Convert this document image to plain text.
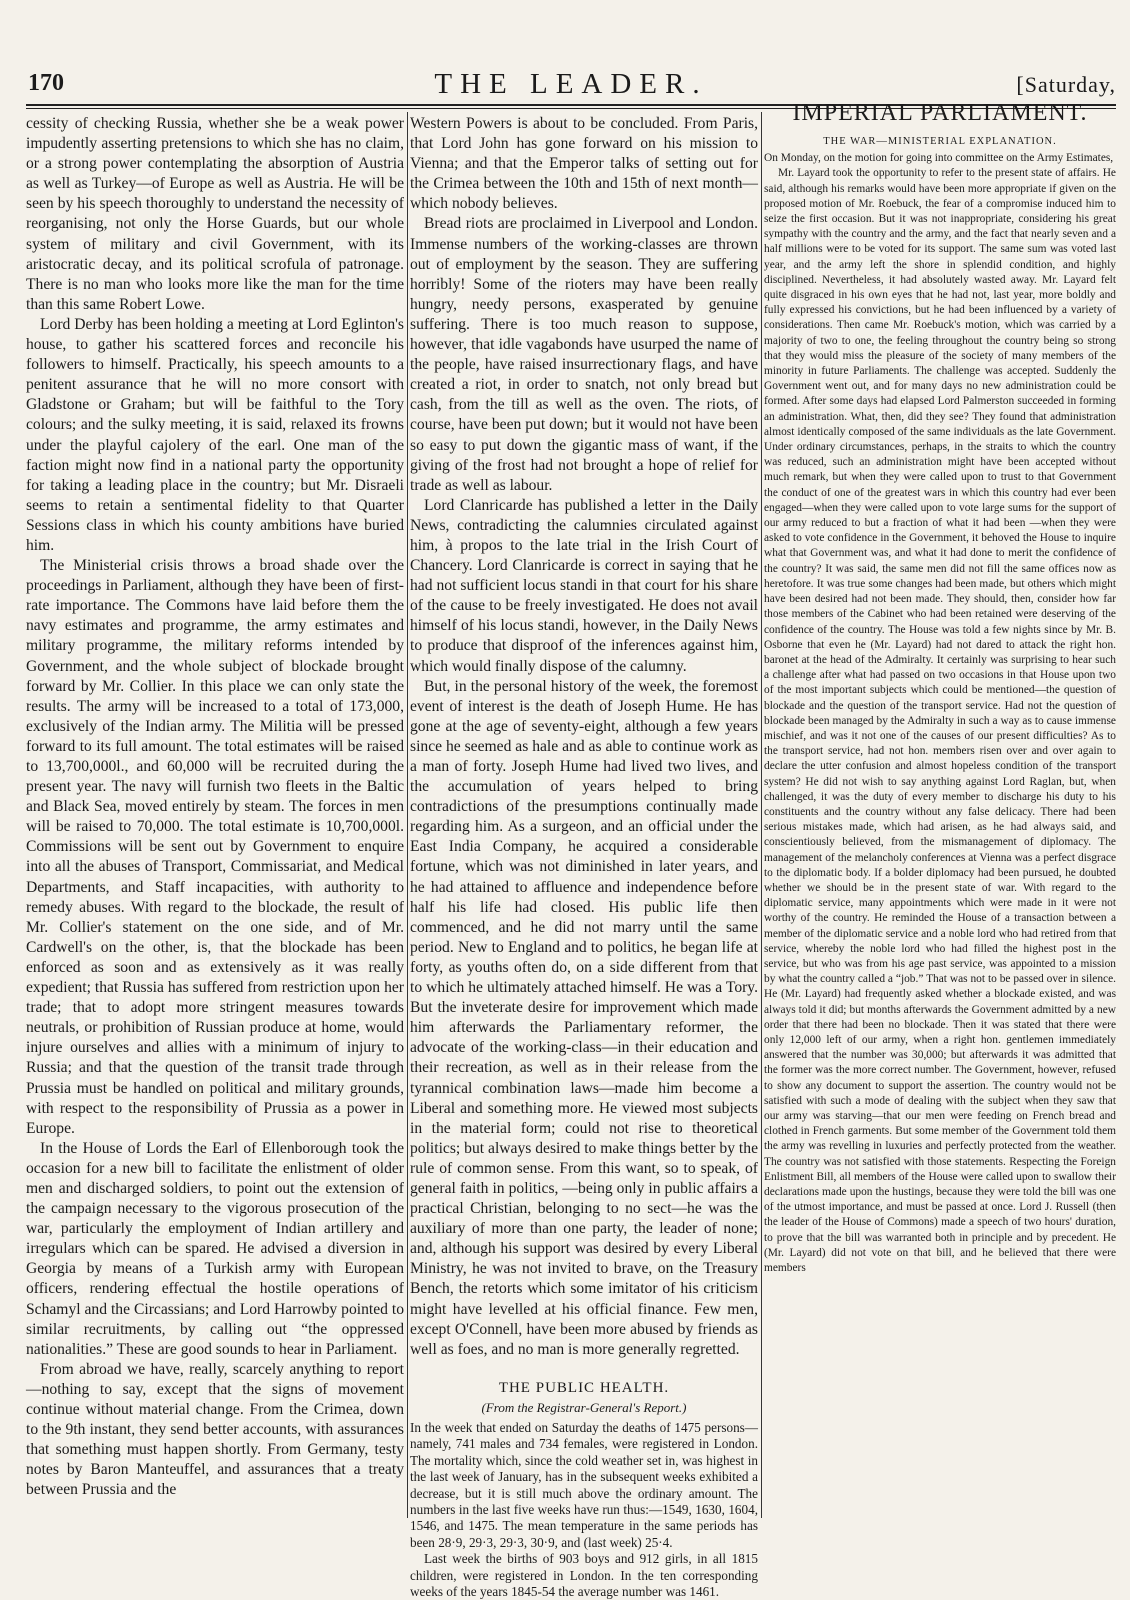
170	THE LEADER.	[Saturday,

cessity of checking Russia, whether she be a weak power impudently asserting pretensions to which she has no claim, or a strong power contemplating the absorption of Austria as well as Turkey—of Europe as well as Austria. He will be seen by his speech thoroughly to understand the necessity of reorganising, not only the Horse Guards, but our whole system of military and civil Government, with its aristocratic decay, and its political scrofula of patronage. There is no man who looks more like the man for the time than this same Robert Lowe.

Lord Derby has been holding a meeting at Lord Eglinton's house, to gather his scattered forces and reconcile his followers to himself. Practically, his speech amounts to a penitent assurance that he will no more consort with Gladstone or Graham; but will be faithful to the Tory colours; and the sulky meeting, it is said, relaxed its frowns under the playful cajolery of the earl. One man of the faction might now find in a national party the opportunity for taking a leading place in the country; but Mr. Disraeli seems to retain a sentimental fidelity to that Quarter Sessions class in which his county ambitions have buried him.

The Ministerial crisis throws a broad shade over the proceedings in Parliament, although they have been of first-rate importance. The Commons have laid before them the navy estimates and programme, the army estimates and military programme, the military reforms intended by Government, and the whole subject of blockade brought forward by Mr. Collier. In this place we can only state the results. The army will be increased to a total of 173,000, exclusively of the Indian army. The Militia will be pressed forward to its full amount. The total estimates will be raised to 13,700,000l., and 60,000 will be recruited during the present year. The navy will furnish two fleets in the Baltic and Black Sea, moved entirely by steam. The forces in men will be raised to 70,000. The total estimate is 10,700,000l. Commissions will be sent out by Government to enquire into all the abuses of Transport, Commissariat, and Medical Departments, and Staff incapacities, with authority to remedy abuses. With regard to the blockade, the result of Mr. Collier's statement on the one side, and of Mr. Cardwell's on the other, is, that the blockade has been enforced as soon and as extensively as it was really expedient; that Russia has suffered from restriction upon her trade; that to adopt more stringent measures towards neutrals, or prohibition of Russian produce at home, would injure ourselves and allies with a minimum of injury to Russia; and that the question of the transit trade through Prussia must be handled on political and military grounds, with respect to the responsibility of Prussia as a power in Europe.

In the House of Lords the Earl of Ellenborough took the occasion for a new bill to facilitate the enlistment of older men and discharged soldiers, to point out the extension of the campaign necessary to the vigorous prosecution of the war, particularly the employment of Indian artillery and irregulars which can be spared. He advised a diversion in Georgia by means of a Turkish army with European officers, rendering effectual the hostile operations of Schamyl and the Circassians; and Lord Harrowby pointed to similar recruitments, by calling out “the oppressed nationalities.” These are good sounds to hear in Parliament.

From abroad we have, really, scarcely anything to report—nothing to say, except that the signs of movement continue without material change. From the Crimea, down to the 9th instant, they send better accounts, with assurances that something must happen shortly. From Germany, testy notes by Baron Manteuffel, and assurances that a treaty between Prussia and the

Western Powers is about to be concluded. From Paris, that Lord John has gone forward on his mission to Vienna; and that the Emperor talks of setting out for the Crimea between the 10th and 15th of next month—which nobody believes.

Bread riots are proclaimed in Liverpool and London. Immense numbers of the working-classes are thrown out of employment by the season. They are suffering horribly! Some of the rioters may have been really hungry, needy persons, exasperated by genuine suffering. There is too much reason to suppose, however, that idle vagabonds have usurped the name of the people, have raised insurrectionary flags, and have created a riot, in order to snatch, not only bread but cash, from the till as well as the oven. The riots, of course, have been put down; but it would not have been so easy to put down the gigantic mass of want, if the giving of the frost had not brought a hope of relief for trade as well as labour.

Lord Clanricarde has published a letter in the Daily News, contradicting the calumnies circulated against him, à propos to the late trial in the Irish Court of Chancery. Lord Clanricarde is correct in saying that he had not sufficient locus standi in that court for his share of the cause to be freely investigated. He does not avail himself of his locus standi, however, in the Daily News to produce that disproof of the inferences against him, which would finally dispose of the calumny.

But, in the personal history of the week, the foremost event of interest is the death of Joseph Hume. He has gone at the age of seventy-eight, although a few years since he seemed as hale and as able to continue work as a man of forty. Joseph Hume had lived two lives, and the accumulation of years helped to bring contradictions of the presumptions continually made regarding him. As a surgeon, and an official under the East India Company, he acquired a considerable fortune, which was not diminished in later years, and he had attained to affluence and independence before half his life had closed. His public life then commenced, and he did not marry until the same period. New to England and to politics, he began life at forty, as youths often do, on a side different from that to which he ultimately attached himself. He was a Tory. But the inveterate desire for improvement which made him afterwards the Parliamentary reformer, the advocate of the working-class—in their education and their recreation, as well as in their release from the tyrannical combination laws—made him become a Liberal and something more. He viewed most subjects in the material form; could not rise to theoretical politics; but always desired to make things better by the rule of common sense. From this want, so to speak, of general faith in politics, —being only in public affairs a practical Christian, belonging to no sect—he was the auxiliary of more than one party, the leader of none; and, although his support was desired by every Liberal Ministry, he was not invited to brave, on the Treasury Bench, the retorts which some imitator of his criticism might have levelled at his official finance. Few men, except O'Connell, have been more abused by friends as well as foes, and no man is more generally regretted.

THE PUBLIC HEALTH.
(From the Registrar-General's Report.)

In the week that ended on Saturday the deaths of 1475 persons—namely, 741 males and 734 females, were registered in London. The mortality which, since the cold weather set in, was highest in the last week of January, has in the subsequent weeks exhibited a decrease, but it is still much above the ordinary amount. The numbers in the last five weeks have run thus:—1549, 1630, 1604, 1546, and 1475. The mean temperature in the same periods has been 28·9, 29·3, 29·3, 30·9, and (last week) 25·4.

Last week the births of 903 boys and 912 girls, in all 1815 children, were registered in London. In the ten corresponding weeks of the years 1845-54 the average number was 1461.

IMPERIAL PARLIAMENT.
THE WAR—MINISTERIAL EXPLANATION.

On Monday, on the motion for going into committee on the Army Estimates,

Mr. Layard took the opportunity to refer to the present state of affairs. He said, although his remarks would have been more appropriate if given on the proposed motion of Mr. Roebuck, the fear of a compromise induced him to seize the first occasion. But it was not inappropriate, considering his great sympathy with the country and the army, and the fact that nearly seven and a half millions were to be voted for its support. The same sum was voted last year, and the army left the shore in splendid condition, and highly disciplined. Nevertheless, it had absolutely wasted away. Mr. Layard felt quite disgraced in his own eyes that he had not, last year, more boldly and fully expressed his convictions, but he had been influenced by a variety of considerations. Then came Mr. Roebuck's motion, which was carried by a majority of two to one, the feeling throughout the country being so strong that they would miss the pleasure of the society of many members of the minority in future Parliaments. The challenge was accepted. Suddenly the Government went out, and for many days no new administration could be formed. After some days had elapsed Lord Palmerston succeeded in forming an administration. What, then, did they see? They found that administration almost identically composed of the same individuals as the late Government. Under ordinary circumstances, perhaps, in the straits to which the country was reduced, such an administration might have been accepted without much remark, but when they were called upon to trust to that Government the conduct of one of the greatest wars in which this country had ever been engaged—when they were called upon to vote large sums for the support of our army reduced to but a fraction of what it had been —when they were asked to vote confidence in the Government, it behoved the House to inquire what that Government was, and what it had done to merit the confidence of the country? It was said, the same men did not fill the same offices now as heretofore. It was true some changes had been made, but others which might have been desired had not been made. They should, then, consider how far those members of the Cabinet who had been retained were deserving of the confidence of the country. The House was told a few nights since by Mr. B. Osborne that even he (Mr. Layard) had not dared to attack the right hon. baronet at the head of the Admiralty. It certainly was surprising to hear such a challenge after what had passed on two occasions in that House upon two of the most important subjects which could be mentioned—the question of blockade and the question of the transport service. Had not the question of blockade been managed by the Admiralty in such a way as to cause immense mischief, and was it not one of the causes of our present difficulties? As to the transport service, had not hon. members risen over and over again to declare the utter confusion and almost hopeless condition of the transport system? He did not wish to say anything against Lord Raglan, but, when challenged, it was the duty of every member to discharge his duty to his constituents and the country without any false delicacy. There had been serious mistakes made, which had arisen, as he had always said, and conscientiously believed, from the mismanagement of diplomacy. The management of the melancholy conferences at Vienna was a perfect disgrace to the diplomatic body. If a bolder diplomacy had been pursued, he doubted whether we should be in the present state of war. With regard to the diplomatic service, many appointments which were made in it were not worthy of the country. He reminded the House of a transaction between a member of the diplomatic service and a noble lord who had retired from that service, whereby the noble lord who had filled the highest post in the service, but who was from his age past service, was appointed to a mission by what the country called a “job.” That was not to be passed over in silence. He (Mr. Layard) had frequently asked whether a blockade existed, and was always told it did; but months afterwards the Government admitted by a new order that there had been no blockade. Then it was stated that there were only 12,000 left of our army, when a right hon. gentlemen immediately answered that the number was 30,000; but afterwards it was admitted that the former was the more correct number. The Government, however, refused to show any document to support the assertion. The country would not be satisfied with such a mode of dealing with the subject when they saw that our army was starving—that our men were feeding on French bread and clothed in French garments. But some member of the Government told them the army was revelling in luxuries and perfectly protected from the weather. The country was not satisfied with those statements. Respecting the Foreign Enlistment Bill, all members of the House were called upon to swallow their declarations made upon the hustings, because they were told the bill was one of the utmost importance, and must be passed at once. Lord J. Russell (then the leader of the House of Commons) made a speech of two hours' duration, to prove that the bill was warranted both in principle and by precedent. He (Mr. Layard) did not vote on that bill, and he believed that there were members
